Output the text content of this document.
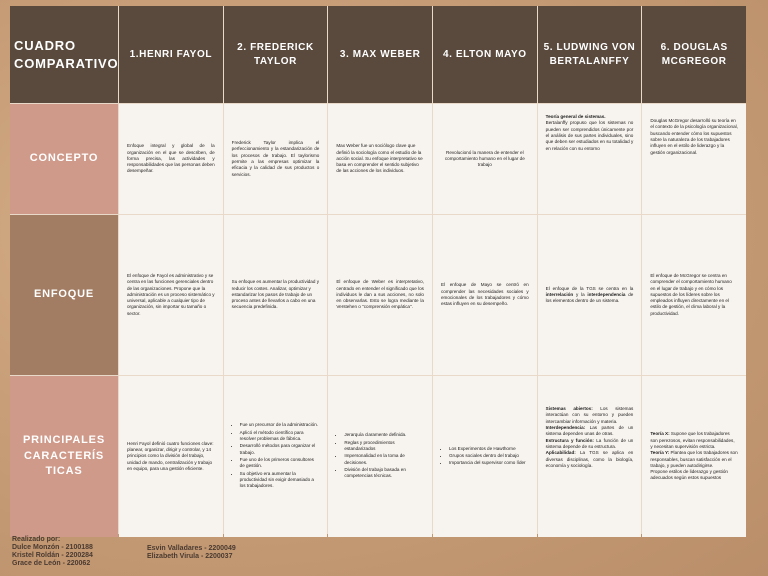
CUADRO COMPARATIVO
1.HENRI FAYOL
2. FREDERICK TAYLOR
3. MAX WEBER	4. ELTON MAYO
5. LUDWING VON BERTALANFFY
6. DOUGLAS MCGREGOR
CONCEPTO
Enfoque integral y global de la organización en el que se describen, de forma precisa, las actividades y responsabilidades que las personas deben desempeñar.
Frederick Taylor implica el perfeccionamiento y la estandarización de los procesos de trabajo. El taylorismo permite a las empresas optimizar la eficacia y la calidad de sus productos o servicios.
Max Weber fue un sociólogo clave que definió la sociología como el estudio de la acción social. Su enfoque interpretativo se basa en comprender el sentido subjetivo de las acciones de los individuos.
Revolucionó la manera de entender el comportamiento humano en el lugar de trabajo
Teoría general de sistemas.
Bertalanffy propuso que los sistemas no pueden ser comprendidos únicamente por el análisis de sus partes individuales, sino que deben ser estudiados en su totalidad y en relación con su entorno
Douglas McGregor desarrolló su teoría en el contexto de la psicología organizacional, buscando entender cómo los supuestos sobre la naturaleza de los trabajadores influyen en el estilo de liderazgo y la gestión organizacional.
ENFOQUE
El enfoque de Fayol es administrativo y se centra en las funciones gerenciales dentro de las organizaciones. Propone que la administración es un proceso sistemático y universal, aplicable a cualquier tipo de organización, sin importar su tamaño o sector.
Su enfoque es aumentar la productividad y reducir los costes. Analizar, optimizar y estandarizar los pasos de trabajo de un proceso antes de llevarlos a cabo en una secuencia predefinida.
El enfoque de Weber es interpretativo, centrado en entender el significado que los individuos le dan a sus acciones, no solo en observarlas. Esto se logra mediante la Verstehen o "comprensión empática".
El enfoque de Mayo se centró en comprender las necesidades sociales y emocionales de los trabajadores y cómo estas influyen en su desempeño.
El enfoque de la TGS se centra en la interrelación y la interdependencia de los elementos dentro de un sistema.
El enfoque de McGregor se centra en comprender el comportamiento humano en el lugar de trabajo y en cómo los supuestos de los líderes sobre los empleados influyen directamente en el estilo de gestión, el clima laboral y la productividad.
PRINCIPALES CARACTERÍS TICAS
Henri Fayol definió cuatro funciones clave: planear, organizar, dirigir y controlar, y 14 principios como la división del trabajo, unidad de mando, centralización y trabajo en equipo, para una gestión eficiente.
• Fue un precursor de la administración.
• Aplicó el método científico para resolver problemas de fábrica.
• Desarrolló métodos para organizar el trabajo.
• Fue uno de los primeros consultores de gestión.
• Su objetivo era aumentar la productividad sin exigir demasiado a los trabajadores.
• Jerarquía claramente definida.
• Reglas y procedimientos estandarizados
• Impersonalidad en la toma de decisiones.
• División del trabajo basada en competencias técnicas.
• Los Experimentos de Hawthorne
• Grupos sociales dentro del trabajo
• Importancia del supervisor como líder
Sistemas abiertos: Los sistemas interactúan con su entorno y pueden intercambiar información y materia.
Interdependencia: Las partes de un sistema dependen unas de otras.
Estructura y función: La función de un sistema depende de su estructura.
Aplicabilidad: La TGS se aplica en diversas disciplinas, como la biología, economía y sociología.
Teoría X: Supone que los trabajadores son perezosos, evitan responsabilidades, y necesitan supervisión estricta.
Teoría Y: Plantea que los trabajadores son responsables, buscan satisfacción en el trabajo, y pueden autodirigirse.
Propone estilos de liderazgo y gestión adecuados según estos supuestos
Realizado por:
Dulce Monzón - 2100188
Kristel Roldán - 2200284
Grace de León - 220062
Esvin Valladares - 2200049
Elizabeth Virula - 2200037
